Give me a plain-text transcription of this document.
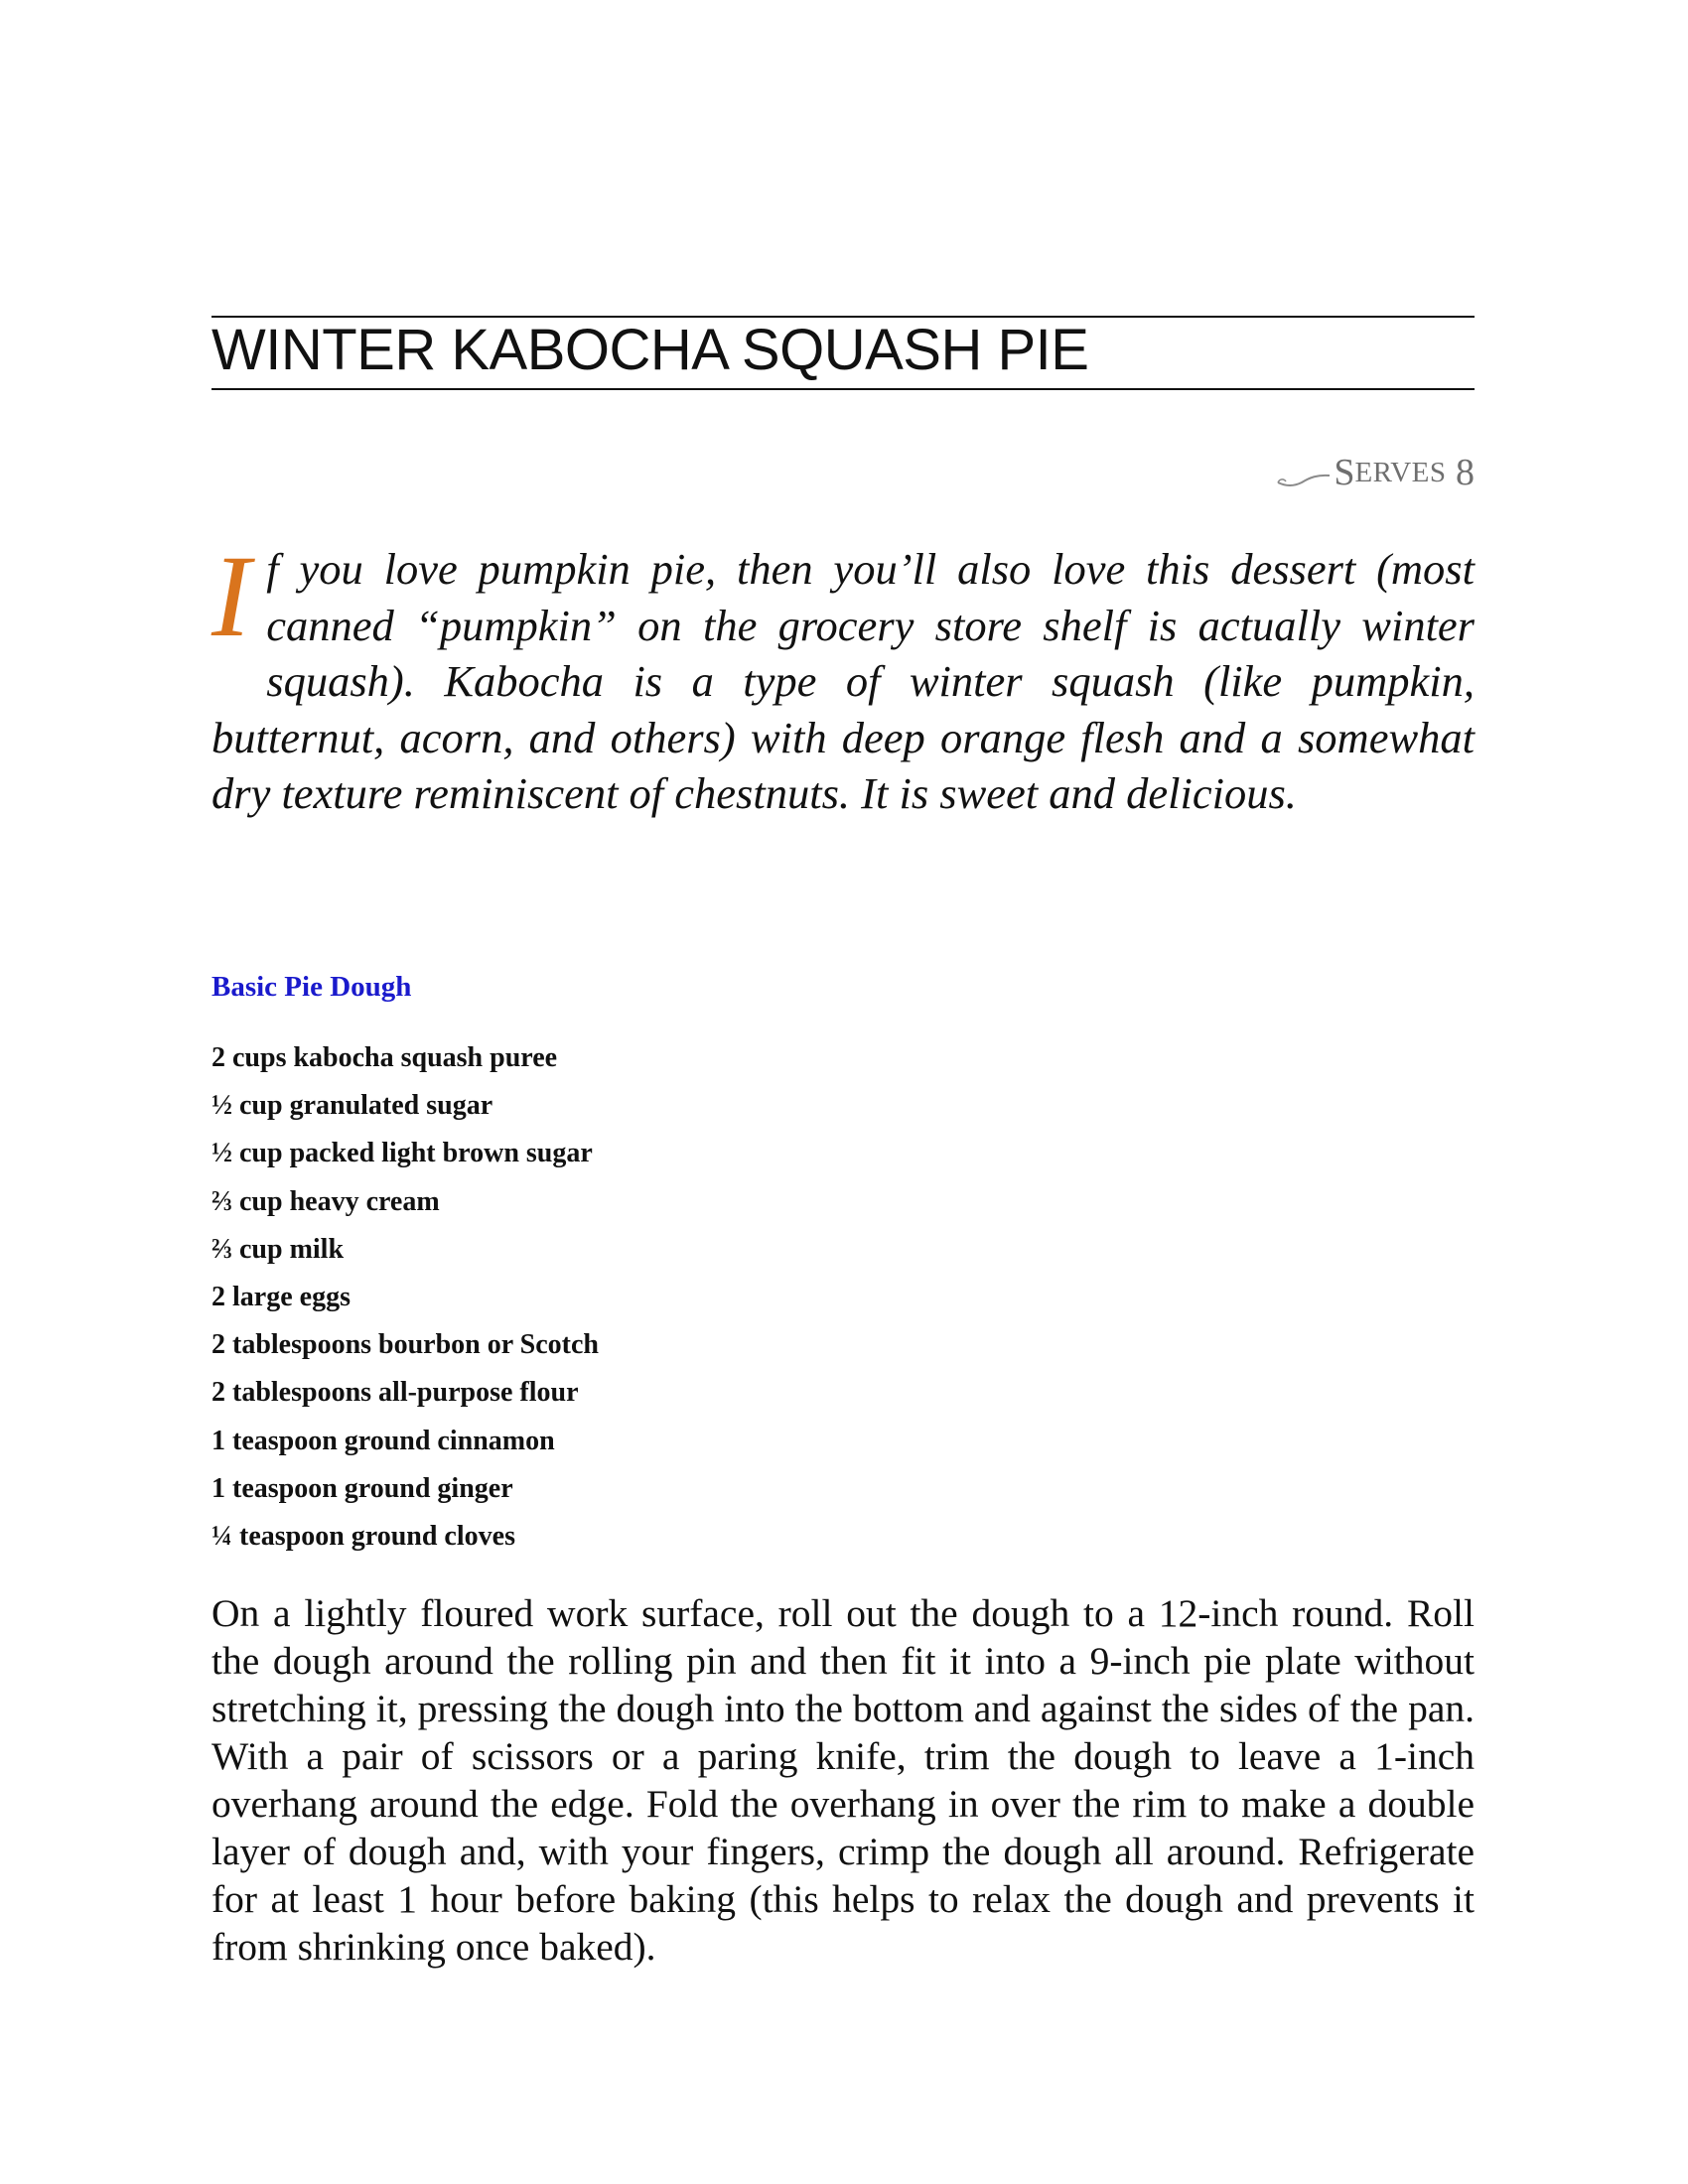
WINTER KABOCHA SQUASH PIE
S ERVES
8

If you love pumpkin pie, then you’ll also love this dessert (most canned “pumpkin” on the grocery store shelf is actually winter squash). Kabocha is a type of winter squash (like pumpkin, butternut, acorn, and others) with deep orange flesh and a somewhat dry texture reminiscent of chestnuts. It is sweet and delicious.

Basic Pie Dough
2 cups kabocha squash puree
½ cup granulated sugar
½ cup packed light brown sugar
⅔ cup heavy cream
⅔ cup milk
2 large eggs
2 tablespoons bourbon or Scotch
2 tablespoons all-purpose flour
1 teaspoon ground cinnamon
1 teaspoon ground ginger
¼ teaspoon ground cloves

On a lightly floured work surface, roll out the dough to a 12-inch round. Roll the dough around the rolling pin and then fit it into a 9-inch pie plate without stretching it, pressing the dough into the bottom and against the sides of the pan. With a pair of scissors or a paring knife, trim the dough to leave a 1-inch overhang around the edge. Fold the overhang in over the rim to make a double layer of dough and, with your fingers, crimp the dough all around. Refrigerate for at least 1 hour before baking (this helps to relax the dough and prevents it from shrinking once baked).
